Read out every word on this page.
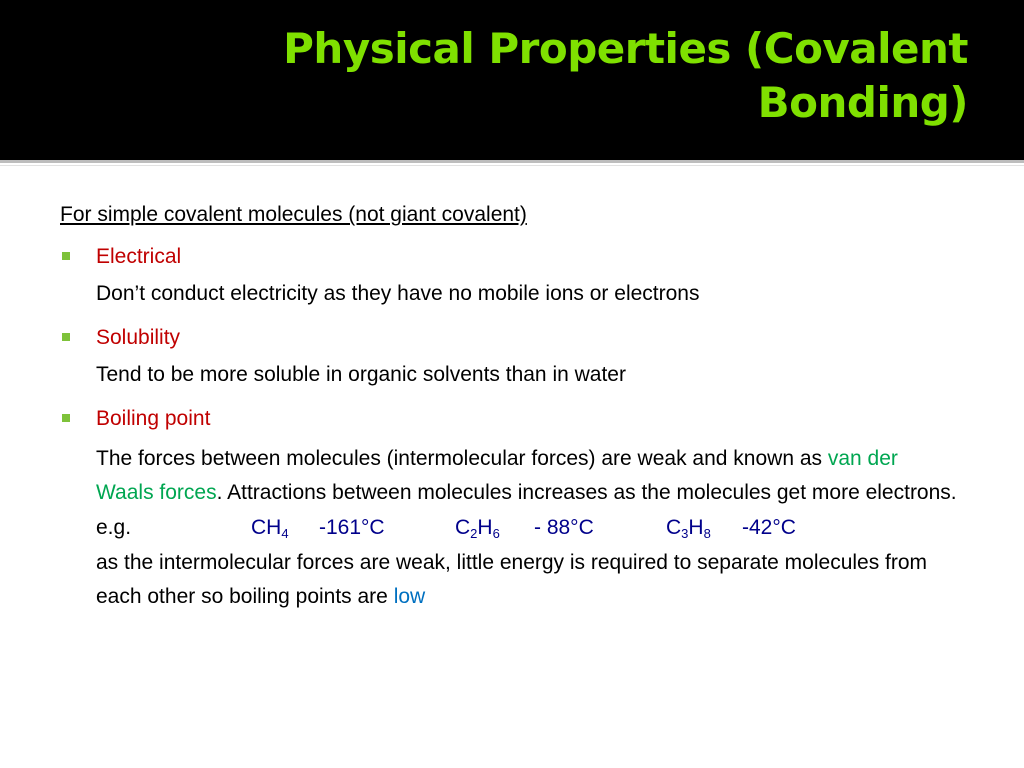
Physical Properties (Covalent Bonding)
For simple covalent molecules (not giant covalent)
Electrical
Don’t conduct electricity as they have no mobile ions or electrons
Solubility
Tend to be more soluble in organic solvents than in water
Boiling point
The forces between molecules (intermolecular forces) are weak and known as van der Waals forces. Attractions between molecules increases as the molecules get more electrons.
e.g.	$CH_4$	-161°C	$C_2H_6$	- 88°C	$C_3H_8$	-42°C
as the intermolecular forces are weak, little energy is required to separate molecules from each other so boiling points are low
